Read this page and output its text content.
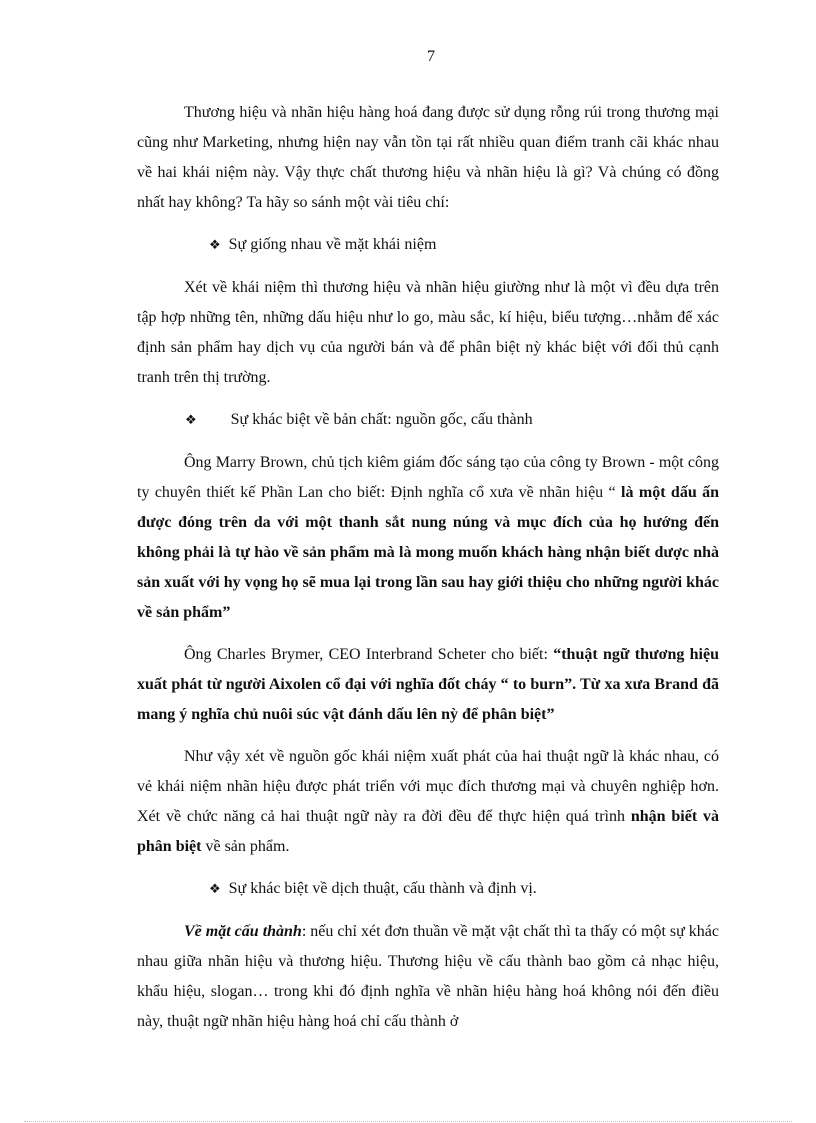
7

Thương hiệu và nhãn hiệu hàng hoá đang được sử dụng rỗng rúi trong thương mại cũng như Marketing, nhưng hiện nay vẫn tồn tại rất nhiều quan điểm tranh cãi khác nhau về hai khái niệm này. Vậy thực chất thương hiệu và nhãn hiệu là gì? Và chúng có đồng nhất hay không? Ta hãy so sánh một vài tiêu chí:

❖ Sự giống nhau về mặt khái niệm

Xét về khái niệm thì thương hiệu và nhãn hiệu giường như là một vì đều dựa trên tập hợp những tên, những dấu hiệu như lo go, màu sắc, kí hiệu, biểu tượng…nhằm để xác định sản phẩm hay dịch vụ của người bán và để phân biệt nỳ khác biệt với đối thủ cạnh tranh trên thị trường.

❖ Sự khác biệt về bản chất: nguồn gốc, cấu thành

Ông Marry Brown, chủ tịch kiêm giám đốc sáng tạo của công ty Brown - một công ty chuyên thiết kế Phần Lan cho biết: Định nghĩa cổ xưa về nhãn hiệu “ là một dấu ấn được đóng trên da với một thanh sắt nung núng và mục đích của họ hướng đến không phải là tự hào về sản phẩm mà là mong muốn khách hàng nhận biết dược nhà sản xuất với hy vọng họ sẽ mua lại trong lần sau hay giới thiệu cho những người khác về sản phẩm”

Ông Charles Brymer, CEO Interbrand Scheter cho biết: “thuật ngữ thương hiệu xuất phát từ người Aixolen cổ đại với nghĩa đốt cháy “ to burn”. Từ xa xưa Brand đã mang ý nghĩa chủ nuôi súc vật đánh dấu lên nỳ để phân biệt”

Như vậy xét về nguồn gốc khái niệm xuất phát của hai thuật ngữ là khác nhau, có vẻ khái niệm nhãn hiệu được phát triển với mục đích thương mại và chuyên nghiệp hơn. Xét về chức năng cả hai thuật ngữ này ra đời đều để thực hiện quá trình nhận biết và phân biệt về sản phẩm.

❖ Sự khác biệt về dịch thuật, cấu thành và định vị.

Về mặt cấu thành: nếu chỉ xét đơn thuần về mặt vật chất thì ta thấy có một sự khác nhau giữa nhãn hiệu và thương hiệu. Thương hiệu về cấu thành bao gồm cả nhạc hiệu, khẩu hiệu, slogan… trong khi đó định nghĩa về nhãn hiệu hàng hoá không nói đến điều này, thuật ngữ nhãn hiệu hàng hoá chỉ cấu thành ở
